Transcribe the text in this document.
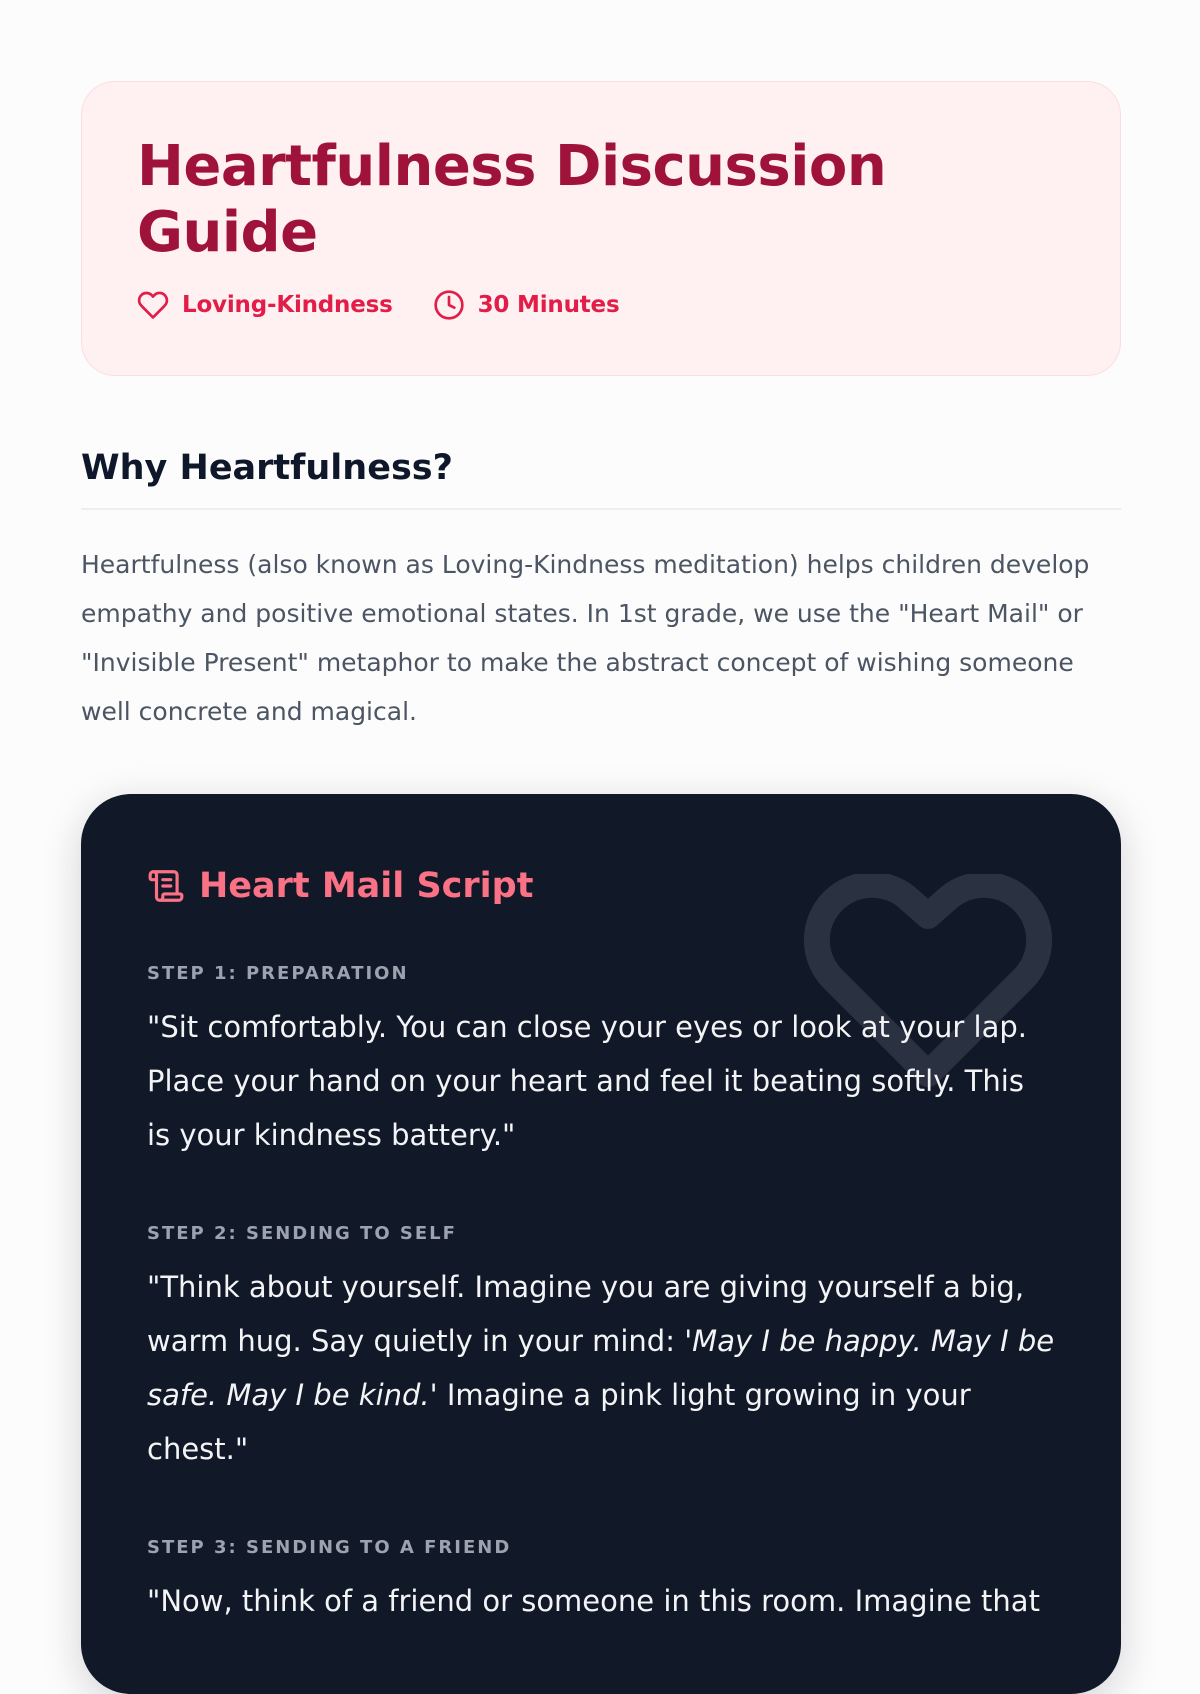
Heartfulness Discussion Guide
Loving-Kindness	30 Minutes
Why Heartfulness?

Heartfulness (also known as Loving-Kindness meditation) helps children develop empathy and positive emotional states. In 1st grade, we use the "Heart Mail" or "Invisible Present" metaphor to make the abstract concept of wishing someone well concrete and magical.

Heart Mail Script
STEP 1: PREPARATION

"Sit comfortably. You can close your eyes or look at your lap. Place your hand on your heart and feel it beating softly. This is your kindness battery."

STEP 2: SENDING TO SELF

"Think about yourself. Imagine you are giving yourself a big, warm hug. Say quietly in your mind: 'May I be happy. May I be safe. May I be kind.' Imagine a pink light growing in your chest."

STEP 3: SENDING TO A FRIEND

"Now, think of a friend or someone in this room. Imagine that
